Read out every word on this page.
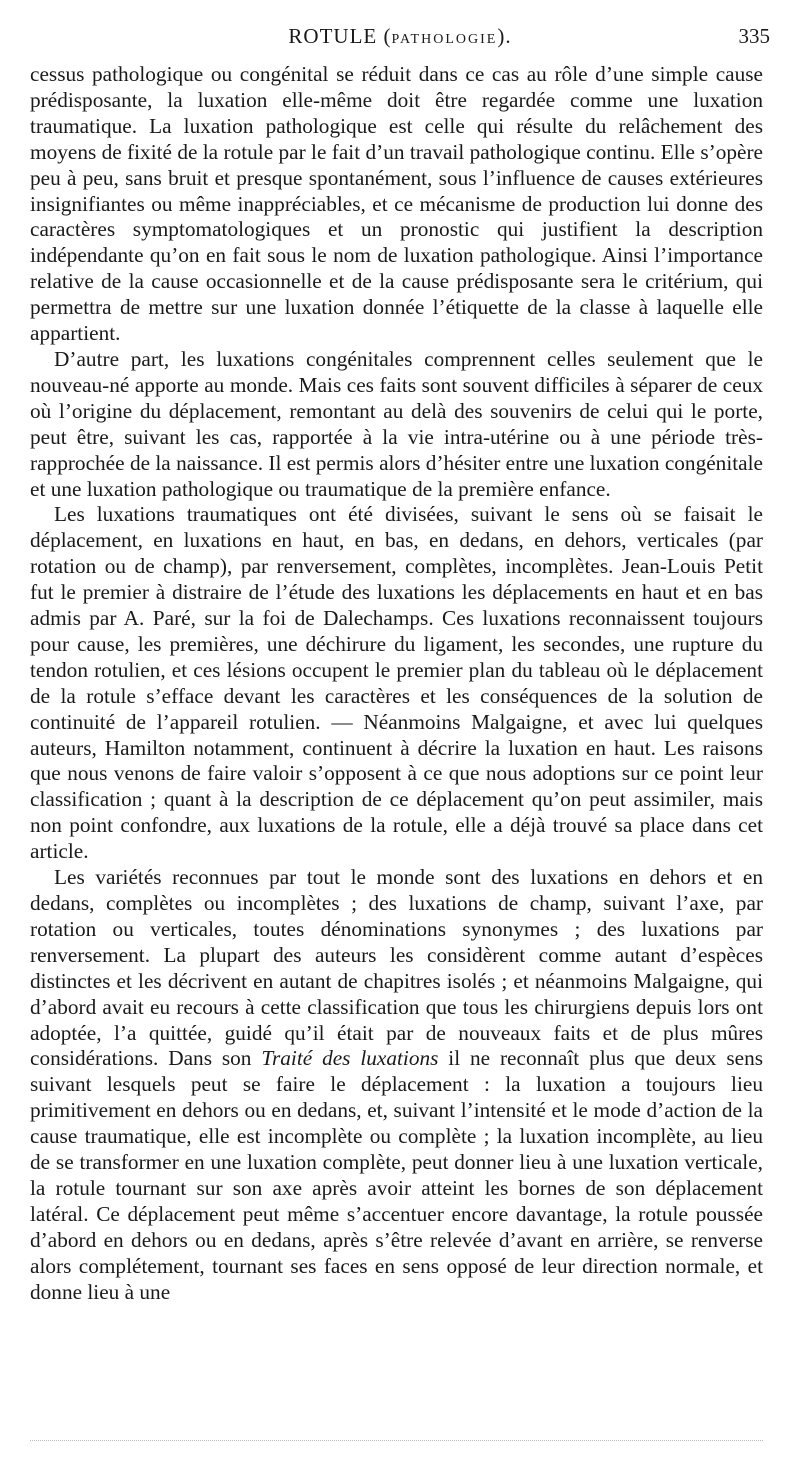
ROTULE (PATHOLOGIE).	335

cessus pathologique ou congénital se réduit dans ce cas au rôle d’une simple cause prédisposante, la luxation elle-même doit être regardée comme une luxation traumatique. La luxation pathologique est celle qui résulte du relâchement des moyens de fixité de la rotule par le fait d’un travail pathologique continu. Elle s’opère peu à peu, sans bruit et presque spontanément, sous l’influence de causes extérieures insignifiantes ou même inappréciables, et ce mécanisme de production lui donne des caractères symptomatologiques et un pronostic qui justifient la description indépendante qu’on en fait sous le nom de luxation pathologique. Ainsi l’importance relative de la cause occasionnelle et de la cause prédisposante sera le critérium, qui permettra de mettre sur une luxation donnée l’étiquette de la classe à laquelle elle appartient.

D’autre part, les luxations congénitales comprennent celles seulement que le nouveau-né apporte au monde. Mais ces faits sont souvent difficiles à séparer de ceux où l’origine du déplacement, remontant au delà des souvenirs de celui qui le porte, peut être, suivant les cas, rapportée à la vie intra-utérine ou à une période très-rapprochée de la naissance. Il est permis alors d’hésiter entre une luxation congénitale et une luxation pathologique ou traumatique de la première enfance.

Les luxations traumatiques ont été divisées, suivant le sens où se faisait le déplacement, en luxations en haut, en bas, en dedans, en dehors, verticales (par rotation ou de champ), par renversement, complètes, incomplètes. Jean-Louis Petit fut le premier à distraire de l’étude des luxations les déplacements en haut et en bas admis par A. Paré, sur la foi de Dalechamps. Ces luxations reconnaissent toujours pour cause, les premières, une déchirure du ligament, les secondes, une rupture du tendon rotulien, et ces lésions occupent le premier plan du tableau où le déplacement de la rotule s’efface devant les caractères et les conséquences de la solution de continuité de l’appareil rotulien. — Néanmoins Malgaigne, et avec lui quelques auteurs, Hamilton notamment, continuent à décrire la luxation en haut. Les raisons que nous venons de faire valoir s’opposent à ce que nous adoptions sur ce point leur classification ; quant à la description de ce déplacement qu’on peut assimiler, mais non point confondre, aux luxations de la rotule, elle a déjà trouvé sa place dans cet article.

Les variétés reconnues par tout le monde sont des luxations en dehors et en dedans, complètes ou incomplètes ; des luxations de champ, suivant l’axe, par rotation ou verticales, toutes dénominations synonymes ; des luxations par renversement. La plupart des auteurs les considèrent comme autant d’espèces distinctes et les décrivent en autant de chapitres isolés ; et néanmoins Malgaigne, qui d’abord avait eu recours à cette classification que tous les chirurgiens depuis lors ont adoptée, l’a quittée, guidé qu’il était par de nouveaux faits et de plus mûres considérations. Dans son Traité des luxations il ne reconnaît plus que deux sens suivant lesquels peut se faire le déplacement : la luxation a toujours lieu primitivement en dehors ou en dedans, et, suivant l’intensité et le mode d’action de la cause traumatique, elle est incomplète ou complète ; la luxation incomplète, au lieu de se transformer en une luxation complète, peut donner lieu à une luxation verticale, la rotule tournant sur son axe après avoir atteint les bornes de son déplacement latéral. Ce déplacement peut même s’accentuer encore davantage, la rotule poussée d’abord en dehors ou en dedans, après s’être relevée d’avant en arrière, se renverse alors complétement, tournant ses faces en sens opposé de leur direction normale, et donne lieu à une
